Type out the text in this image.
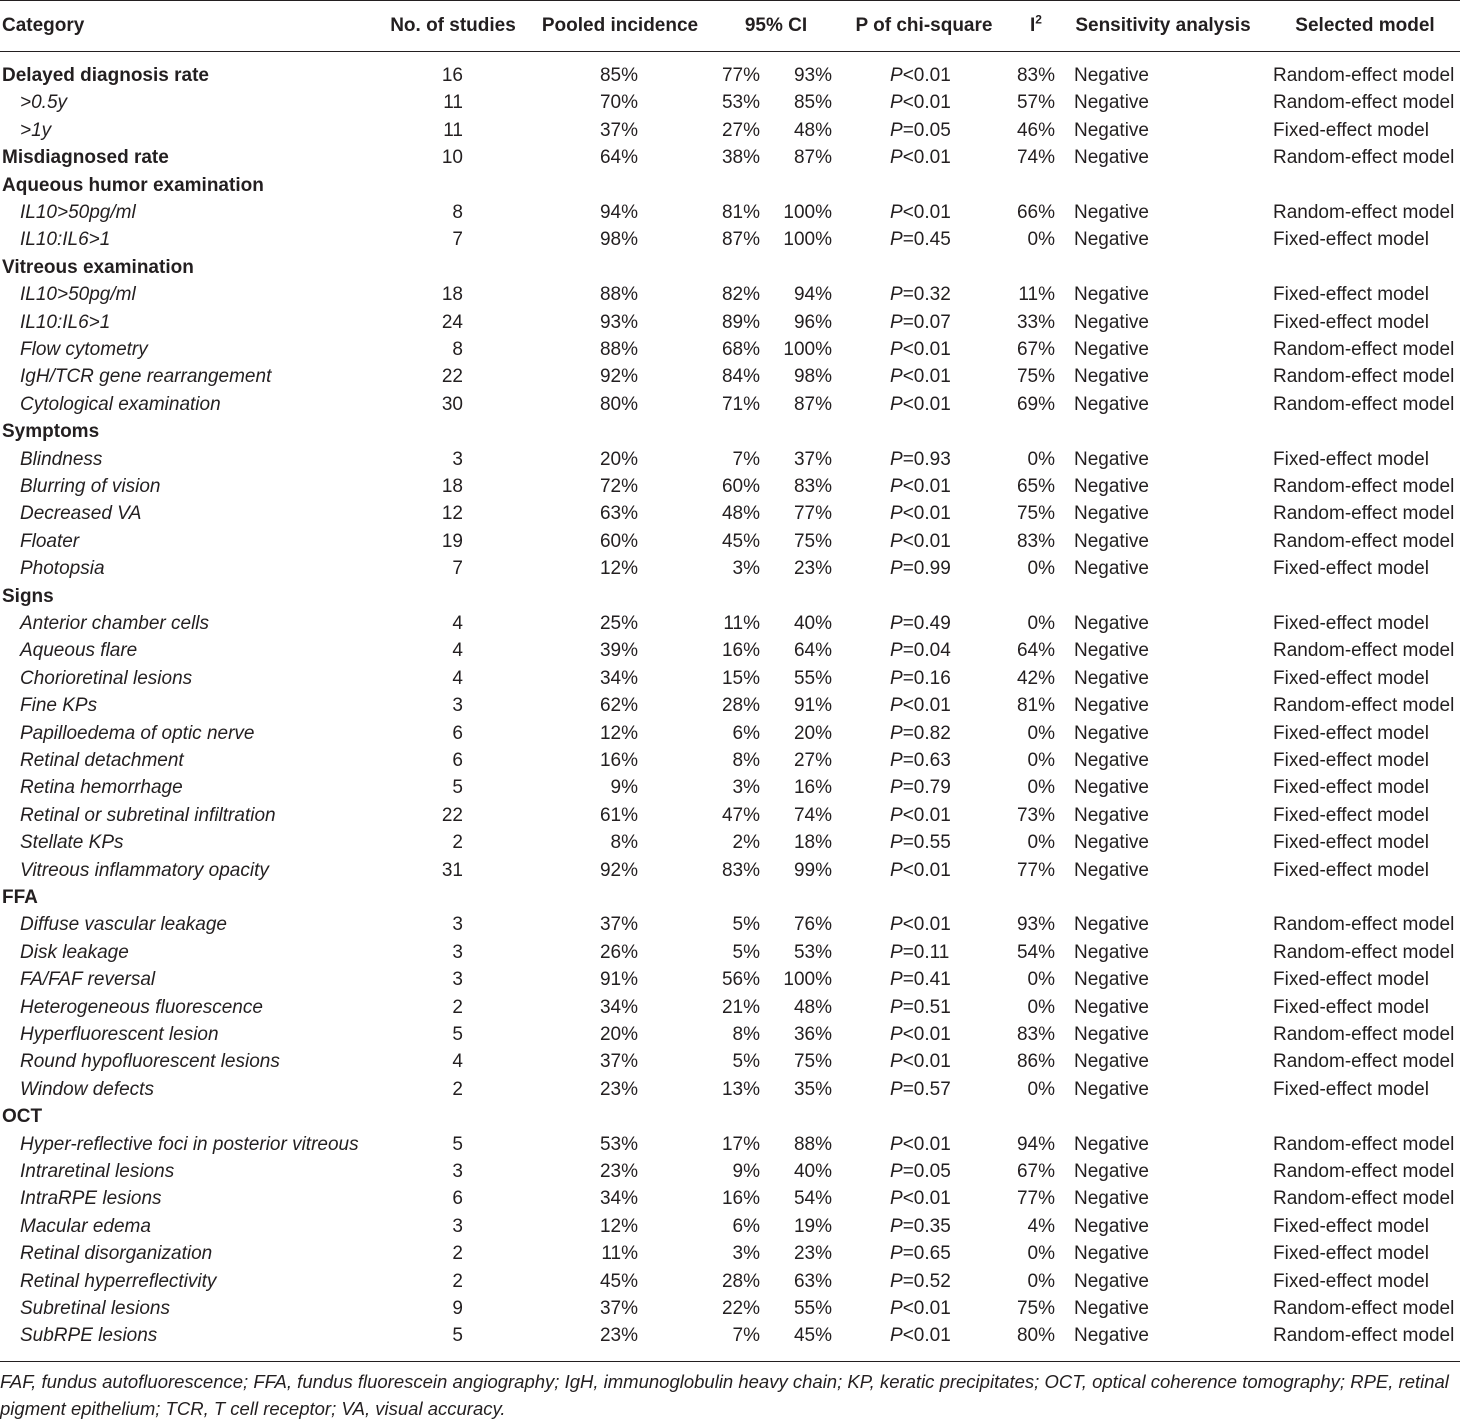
Category	No. of studies	Pooled incidence	95% CI	P of chi-square	$I^2$	Sensitivity analysis	Selected model
Delayed diagnosis rate	16	85%	77%	93%	P<0.01	83% Negative	Random-effect model
>0.5y	11	70%	53%	85%	P<0.01	57% Negative	Random-effect model
>1y	11	37%	27%	48%	P=0.05	46% Negative	Fixed-effect model
Misdiagnosed rate	10	64%	38%	87%	P<0.01	74% Negative	Random-effect model
Aqueous humor examination
IL10>50pg/ml	8	94%	81%	100%	P<0.01	66% Negative	Random-effect model
IL10:IL6>1	7	98%	87%	100%	P=0.45	0% Negative	Fixed-effect model
Vitreous examination
IL10>50pg/ml	18	88%	82%	94%	P=0.32	11% Negative	Fixed-effect model
IL10:IL6>1	24	93%	89%	96%	P=0.07	33% Negative	Fixed-effect model
Flow cytometry	8	88%	68%	100%	P<0.01	67% Negative	Random-effect model
IgH/TCR gene rearrangement	22	92%	84%	98%	P<0.01	75% Negative	Random-effect model
Cytological examination	30	80%	71%	87%	P<0.01	69% Negative	Random-effect model
Symptoms
Blindness	3	20%	7%	37%	P=0.93	0% Negative	Fixed-effect model
Blurring of vision	18	72%	60%	83%	P<0.01	65% Negative	Random-effect model
Decreased VA	12	63%	48%	77%	P<0.01	75% Negative	Random-effect model
Floater	19	60%	45%	75%	P<0.01	83% Negative	Random-effect model
Photopsia	7	12%	3%	23%	P=0.99	0% Negative	Fixed-effect model
Signs
Anterior chamber cells	4	25%	11%	40%	P=0.49	0% Negative	Fixed-effect model
Aqueous flare	4	39%	16%	64%	P=0.04	64% Negative	Random-effect model
Chorioretinal lesions	4	34%	15%	55%	P=0.16	42% Negative	Fixed-effect model
Fine KPs	3	62%	28%	91%	P<0.01	81% Negative	Random-effect model
Papilloedema of optic nerve	6	12%	6%	20%	P=0.82	0% Negative	Fixed-effect model
Retinal detachment	6	16%	8%	27%	P=0.63	0% Negative	Fixed-effect model
Retina hemorrhage	5	9%	3%	16%	P=0.79	0% Negative	Fixed-effect model
Retinal or subretinal infiltration	22	61%	47%	74%	P<0.01	73% Negative	Fixed-effect model
Stellate KPs	2	8%	2%	18%	P=0.55	0% Negative	Fixed-effect model
Vitreous inflammatory opacity	31	92%	83%	99%	P<0.01	77% Negative	Fixed-effect model
FFA
Diffuse vascular leakage	3	37%	5%	76%	P<0.01	93% Negative	Random-effect model
Disk leakage	3	26%	5%	53%	P=0.11	54% Negative	Random-effect model
FA/FAF reversal	3	91%	56%	100%	P=0.41	0% Negative	Fixed-effect model
Heterogeneous fluorescence	2	34%	21%	48%	P=0.51	0% Negative	Fixed-effect model
Hyperfluorescent lesion	5	20%	8%	36%	P<0.01	83% Negative	Random-effect model
Round hypofluorescent lesions	4	37%	5%	75%	P<0.01	86% Negative	Random-effect model
Window defects	2	23%	13%	35%	P=0.57	0% Negative	Fixed-effect model
OCT
Hyper-reflective foci in posterior vitreous	5	53%	17%	88%	P<0.01	94% Negative	Random-effect model
Intraretinal lesions	3	23%	9%	40%	P=0.05	67% Negative	Random-effect model
IntraRPE lesions	6	34%	16%	54%	P<0.01	77% Negative	Random-effect model
Macular edema	3	12%	6%	19%	P=0.35	4% Negative	Fixed-effect model
Retinal disorganization	2	11%	3%	23%	P=0.65	0% Negative	Fixed-effect model
Retinal hyperreflectivity	2	45%	28%	63%	P=0.52	0% Negative	Fixed-effect model
Subretinal lesions	9	37%	22%	55%	P<0.01	75% Negative	Random-effect model
SubRPE lesions	5	23%	7%	45%	P<0.01	80% Negative	Random-effect model
FAF, fundus autofluorescence; FFA, fundus fluorescein angiography; IgH, immunoglobulin heavy chain; KP, keratic precipitates; OCT, optical coherence tomography; RPE, retinal pigment epithelium; TCR, T cell receptor; VA, visual accuracy.
